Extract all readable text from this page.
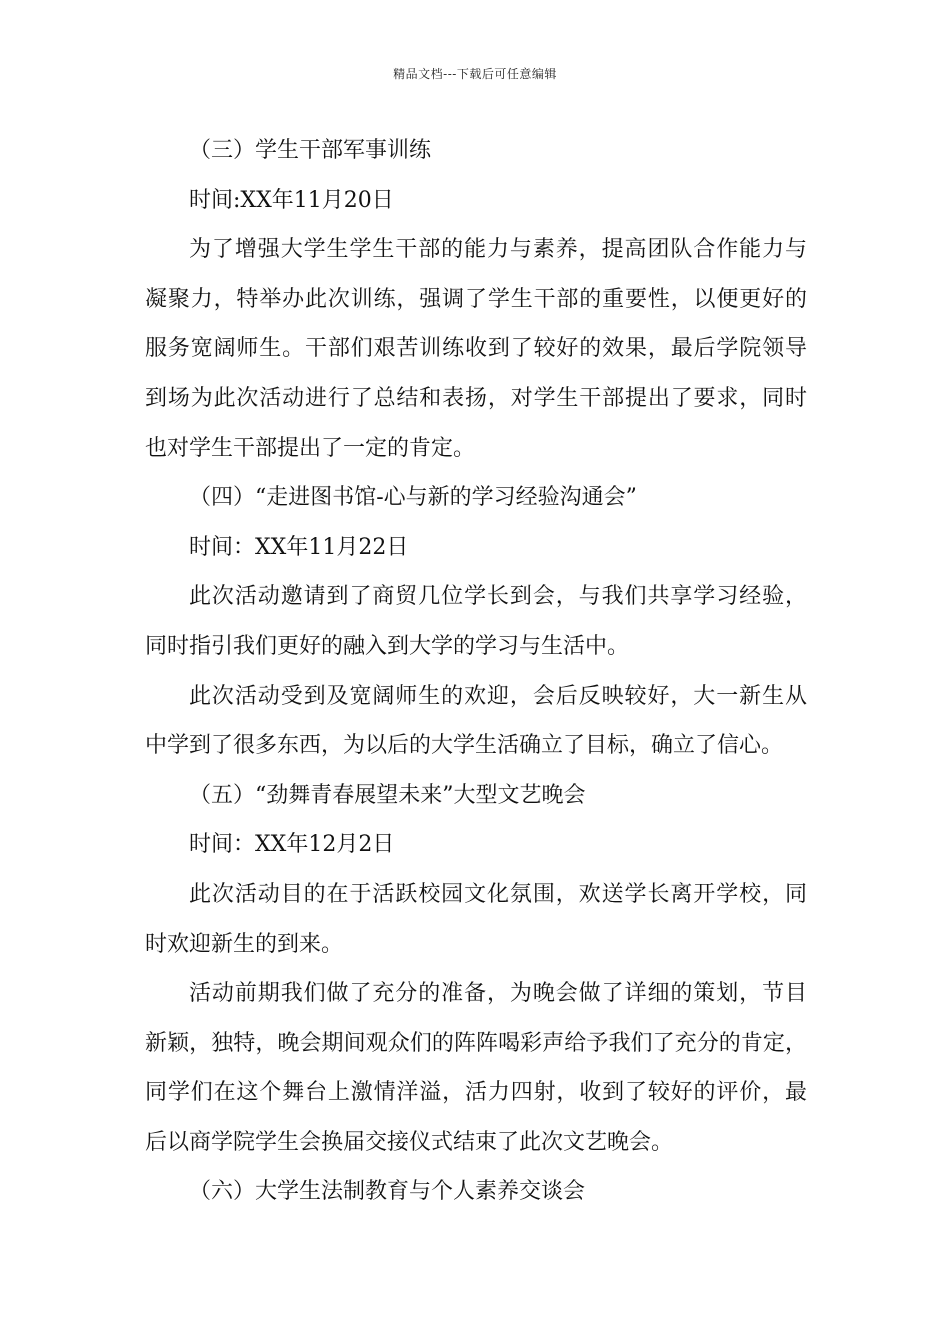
精品文档---下载后可任意编辑
（三）学生干部军事训练
时间:XX年11月20日
为了增强大学生学生干部的能力与素养，提高团队合作能力与
凝聚力，特举办此次训练，强调了学生干部的重要性，以便更好的
服务宽阔师生。干部们艰苦训练收到了较好的效果，最后学院领导
到场为此次活动进行了总结和表扬，对学生干部提出了要求，同时
也对学生干部提出了一定的肯定。
（四）“走进图书馆-心与新的学习经验沟通会”
时间：XX年11月22日
此次活动邀请到了商贸几位学长到会，与我们共享学习经验，
同时指引我们更好的融入到大学的学习与生活中。
此次活动受到及宽阔师生的欢迎，会后反映较好，大一新生从
中学到了很多东西，为以后的大学生活确立了目标，确立了信心。
（五）“劲舞青春展望未来”大型文艺晚会
时间：XX年12月2日
此次活动目的在于活跃校园文化氛围，欢送学长离开学校，同
时欢迎新生的到来。
活动前期我们做了充分的准备，为晚会做了详细的策划，节目
新颖，独特，晚会期间观众们的阵阵喝彩声给予我们了充分的肯定，
同学们在这个舞台上激情洋溢，活力四射，收到了较好的评价，最
后以商学院学生会换届交接仪式结束了此次文艺晚会。
（六）大学生法制教育与个人素养交谈会
